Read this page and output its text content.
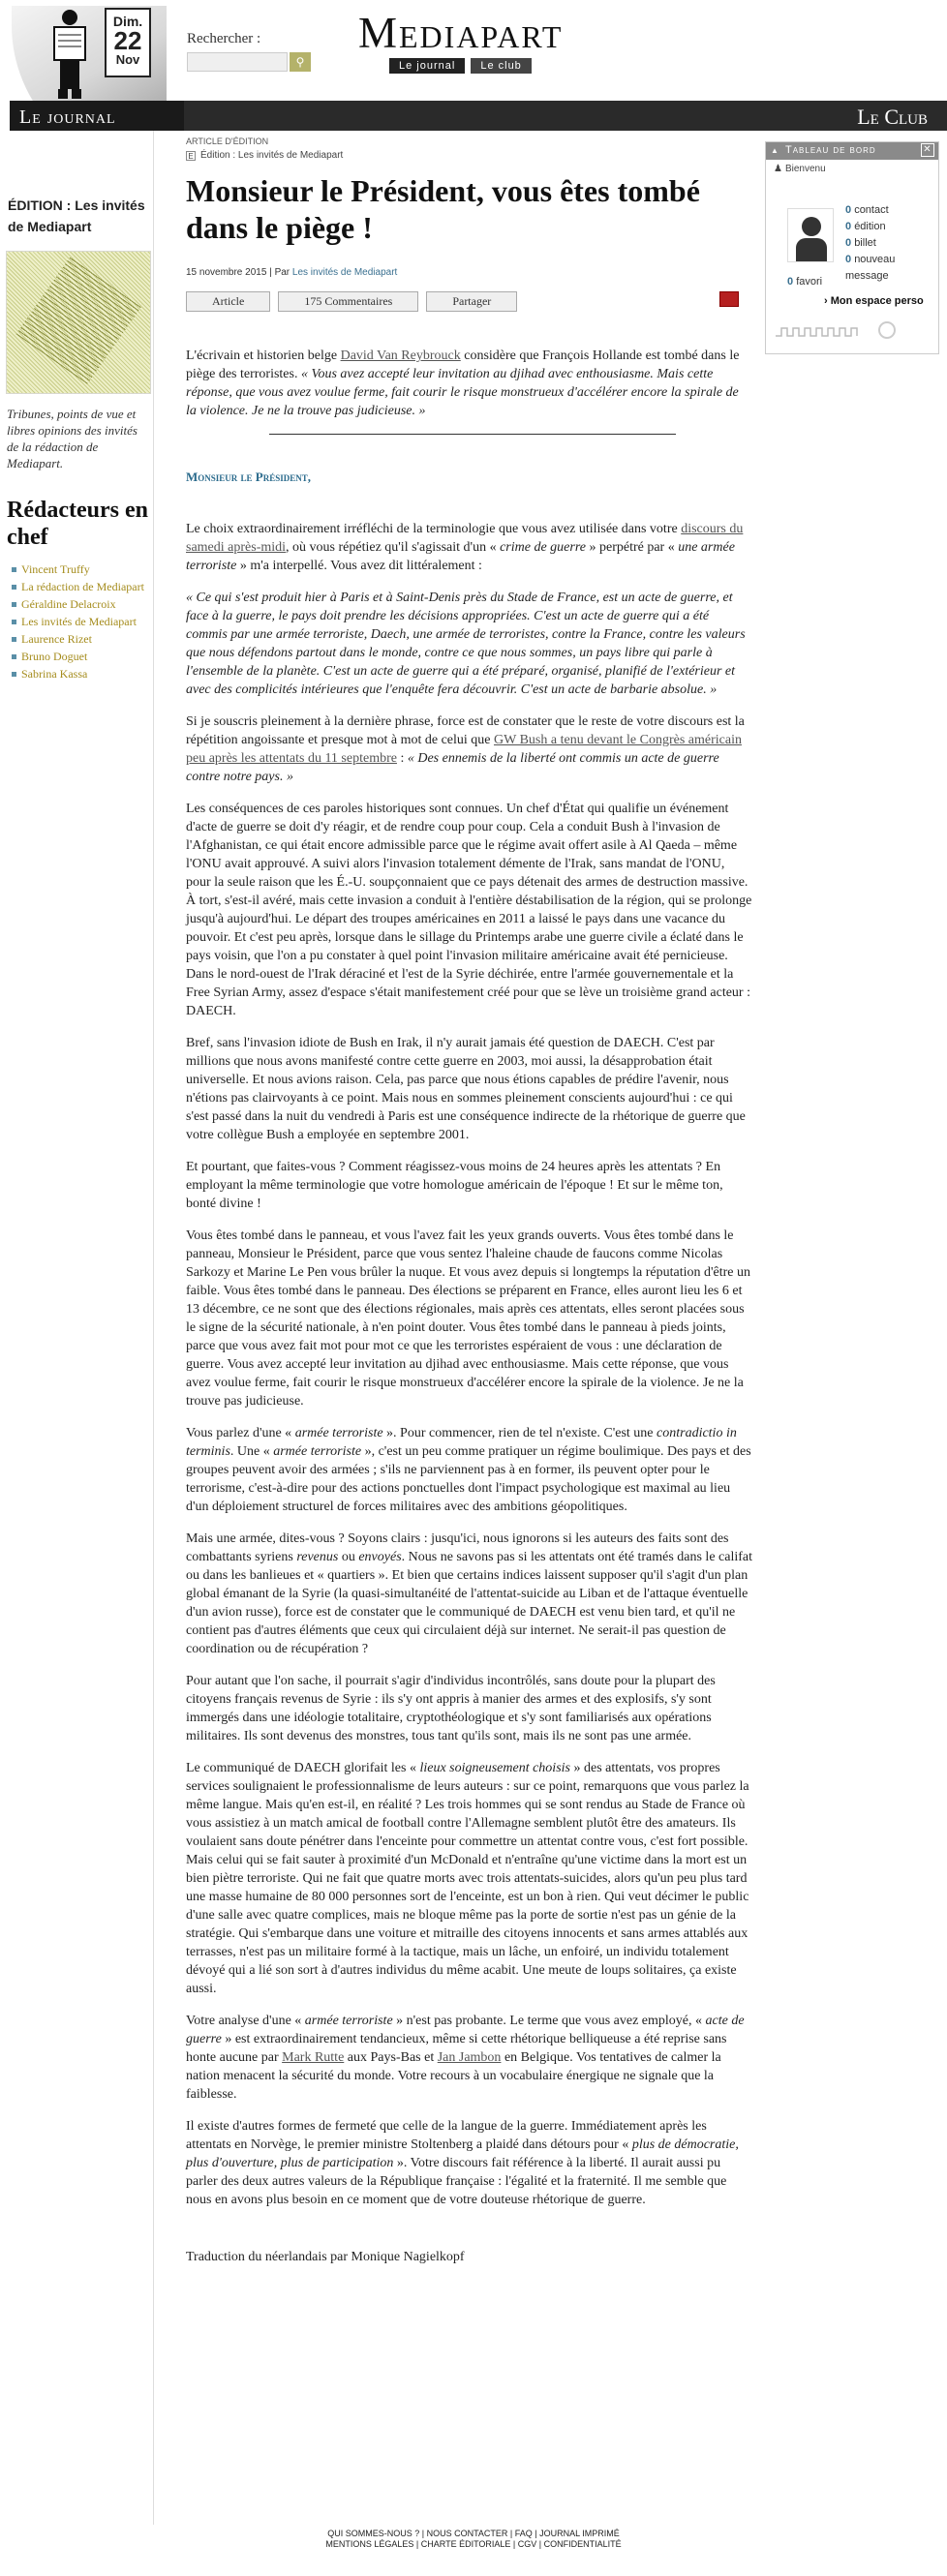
Dim.
22
Nov
Le journal
Rechercher :
⚲
Mediapart
Le journal	Le club
Le Club
ÉDITION : Les invités de Mediapart
Tribunes, points de vue et libres opinions des invités de la rédaction de Mediapart.
Rédacteurs en chef
Vincent Truffy
La rédaction de Mediapart
Géraldine Delacroix
Les invités de Mediapart
Laurence Rizet
Bruno Doguet
Sabrina Kassa
ARTICLE D'ÉDITION
E Édition : Les invités de Mediapart
Monsieur le Président, vous êtes tombé dans le piège !
15 novembre 2015 | Par Les invités de Mediapart
Article	175 Commentaires	Partager
L'écrivain et historien belge David Van Reybrouck considère que François Hollande est tombé dans le piège des terroristes. « Vous avez accepté leur invitation au djihad avec enthousiasme. Mais cette réponse, que vous avez voulue ferme, fait courir le risque monstrueux d'accélérer encore la spirale de la violence. Je ne la trouve pas judicieuse. »
Monsieur le Président,

Le choix extraordinairement irréfléchi de la terminologie que vous avez utilisée dans votre discours du samedi après-midi, où vous répétiez qu'il s'agissait d'un « crime de guerre » perpétré par « une armée terroriste » m'a interpellé. Vous avez dit littéralement :

« Ce qui s'est produit hier à Paris et à Saint-Denis près du Stade de France, est un acte de guerre, et face à la guerre, le pays doit prendre les décisions appropriées. C'est un acte de guerre qui a été commis par une armée terroriste, Daech, une armée de terroristes, contre la France, contre les valeurs que nous défendons partout dans le monde, contre ce que nous sommes, un pays libre qui parle à l'ensemble de la planète. C'est un acte de guerre qui a été préparé, organisé, planifié de l'extérieur et avec des complicités intérieures que l'enquête fera découvrir. C'est un acte de barbarie absolue. »

Si je souscris pleinement à la dernière phrase, force est de constater que le reste de votre discours est la répétition angoissante et presque mot à mot de celui que GW Bush a tenu devant le Congrès américain peu après les attentats du 11 septembre : « Des ennemis de la liberté ont commis un acte de guerre contre notre pays. »

Les conséquences de ces paroles historiques sont connues. Un chef d'État qui qualifie un événement d'acte de guerre se doit d'y réagir, et de rendre coup pour coup. Cela a conduit Bush à l'invasion de l'Afghanistan, ce qui était encore admissible parce que le régime avait offert asile à Al Qaeda – même l'ONU avait approuvé. A suivi alors l'invasion totalement démente de l'Irak, sans mandat de l'ONU, pour la seule raison que les É.-U. soupçonnaient que ce pays détenait des armes de destruction massive. À tort, s'est-il avéré, mais cette invasion a conduit à l'entière déstabilisation de la région, qui se prolonge jusqu'à aujourd'hui. Le départ des troupes américaines en 2011 a laissé le pays dans une vacance du pouvoir. Et c'est peu après, lorsque dans le sillage du Printemps arabe une guerre civile a éclaté dans le pays voisin, que l'on a pu constater à quel point l'invasion militaire américaine avait été pernicieuse. Dans le nord-ouest de l'Irak déraciné et l'est de la Syrie déchirée, entre l'armée gouvernementale et la Free Syrian Army, assez d'espace s'était manifestement créé pour que se lève un troisième grand acteur : DAECH.

Bref, sans l'invasion idiote de Bush en Irak, il n'y aurait jamais été question de DAECH. C'est par millions que nous avons manifesté contre cette guerre en 2003, moi aussi, la désapprobation était universelle. Et nous avions raison. Cela, pas parce que nous étions capables de prédire l'avenir, nous n'étions pas clairvoyants à ce point. Mais nous en sommes pleinement conscients aujourd'hui : ce qui s'est passé dans la nuit du vendredi à Paris est une conséquence indirecte de la rhétorique de guerre que votre collègue Bush a employée en septembre 2001.

Et pourtant, que faites-vous ? Comment réagissez-vous moins de 24 heures après les attentats ? En employant la même terminologie que votre homologue américain de l'époque ! Et sur le même ton, bonté divine !

Vous êtes tombé dans le panneau, et vous l'avez fait les yeux grands ouverts. Vous êtes tombé dans le panneau, Monsieur le Président, parce que vous sentez l'haleine chaude de faucons comme Nicolas Sarkozy et Marine Le Pen vous brûler la nuque. Et vous avez depuis si longtemps la réputation d'être un faible. Vous êtes tombé dans le panneau. Des élections se préparent en France, elles auront lieu les 6 et 13 décembre, ce ne sont que des élections régionales, mais après ces attentats, elles seront placées sous le signe de la sécurité nationale, à n'en point douter. Vous êtes tombé dans le panneau à pieds joints, parce que vous avez fait mot pour mot ce que les terroristes espéraient de vous : une déclaration de guerre. Vous avez accepté leur invitation au djihad avec enthousiasme. Mais cette réponse, que vous avez voulue ferme, fait courir le risque monstrueux d'accélérer encore la spirale de la violence. Je ne la trouve pas judicieuse.

Vous parlez d'une « armée terroriste ». Pour commencer, rien de tel n'existe. C'est une contradictio in terminis. Une « armée terroriste », c'est un peu comme pratiquer un régime boulimique. Des pays et des groupes peuvent avoir des armées ; s'ils ne parviennent pas à en former, ils peuvent opter pour le terrorisme, c'est-à-dire pour des actions ponctuelles dont l'impact psychologique est maximal au lieu d'un déploiement structurel de forces militaires avec des ambitions géopolitiques.

Mais une armée, dites-vous ? Soyons clairs : jusqu'ici, nous ignorons si les auteurs des faits sont des combattants syriens revenus ou envoyés. Nous ne savons pas si les attentats ont été tramés dans le califat ou dans les banlieues et « quartiers ». Et bien que certains indices laissent supposer qu'il s'agit d'un plan global émanant de la Syrie (la quasi-simultanéité de l'attentat-suicide au Liban et de l'attaque éventuelle d'un avion russe), force est de constater que le communiqué de DAECH est venu bien tard, et qu'il ne contient pas d'autres éléments que ceux qui circulaient déjà sur internet. Ne serait-il pas question de coordination ou de récupération ?

Pour autant que l'on sache, il pourrait s'agir d'individus incontrôlés, sans doute pour la plupart des citoyens français revenus de Syrie : ils s'y ont appris à manier des armes et des explosifs, s'y sont immergés dans une idéologie totalitaire, cryptothéologique et s'y sont familiarisés aux opérations militaires. Ils sont devenus des monstres, tous tant qu'ils sont, mais ils ne sont pas une armée.

Le communiqué de DAECH glorifait les « lieux soigneusement choisis » des attentats, vos propres services soulignaient le professionnalisme de leurs auteurs : sur ce point, remarquons que vous parlez la même langue. Mais qu'en est-il, en réalité ? Les trois hommes qui se sont rendus au Stade de France où vous assistiez à un match amical de football contre l'Allemagne semblent plutôt être des amateurs. Ils voulaient sans doute pénétrer dans l'enceinte pour commettre un attentat contre vous, c'est fort possible. Mais celui qui se fait sauter à proximité d'un McDonald et n'entraîne qu'une victime dans la mort est un bien piètre terroriste. Qui ne fait que quatre morts avec trois attentats-suicides, alors qu'un peu plus tard une masse humaine de 80 000 personnes sort de l'enceinte, est un bon à rien. Qui veut décimer le public d'une salle avec quatre complices, mais ne bloque même pas la porte de sortie n'est pas un génie de la stratégie. Qui s'embarque dans une voiture et mitraille des citoyens innocents et sans armes attablés aux terrasses, n'est pas un militaire formé à la tactique, mais un lâche, un enfoiré, un individu totalement dévoyé qui a lié son sort à d'autres individus du même acabit. Une meute de loups solitaires, ça existe aussi.

Votre analyse d'une « armée terroriste » n'est pas probante. Le terme que vous avez employé, « acte de guerre » est extraordinairement tendancieux, même si cette rhétorique belliqueuse a été reprise sans honte aucune par Mark Rutte aux Pays-Bas et Jan Jambon en Belgique. Vos tentatives de calmer la nation menacent la sécurité du monde. Votre recours à un vocabulaire énergique ne signale que la faiblesse.

Il existe d'autres formes de fermeté que celle de la langue de la guerre. Immédiatement après les attentats en Norvège, le premier ministre Stoltenberg a plaidé dans détours pour « plus de démocratie, plus d'ouverture, plus de participation ». Votre discours fait référence à la liberté. Il aurait aussi pu parler des deux autres valeurs de la République française : l'égalité et la fraternité. Il me semble que nous en avons plus besoin en ce moment que de votre douteuse rhétorique de guerre.

Traduction du néerlandais par Monique Nagielkopf

▲ Tableau de bord	✕
♟ Bienvenu
0 contact
0 édition
0 billet
0 nouveau message
0 favori
› Mon espace perso
QUI SOMMES-NOUS ? | NOUS CONTACTER | FAQ | JOURNAL IMPRIMÉ
MENTIONS LÉGALES | CHARTE ÉDITORIALE | CGV | CONFIDENTIALITÉ
